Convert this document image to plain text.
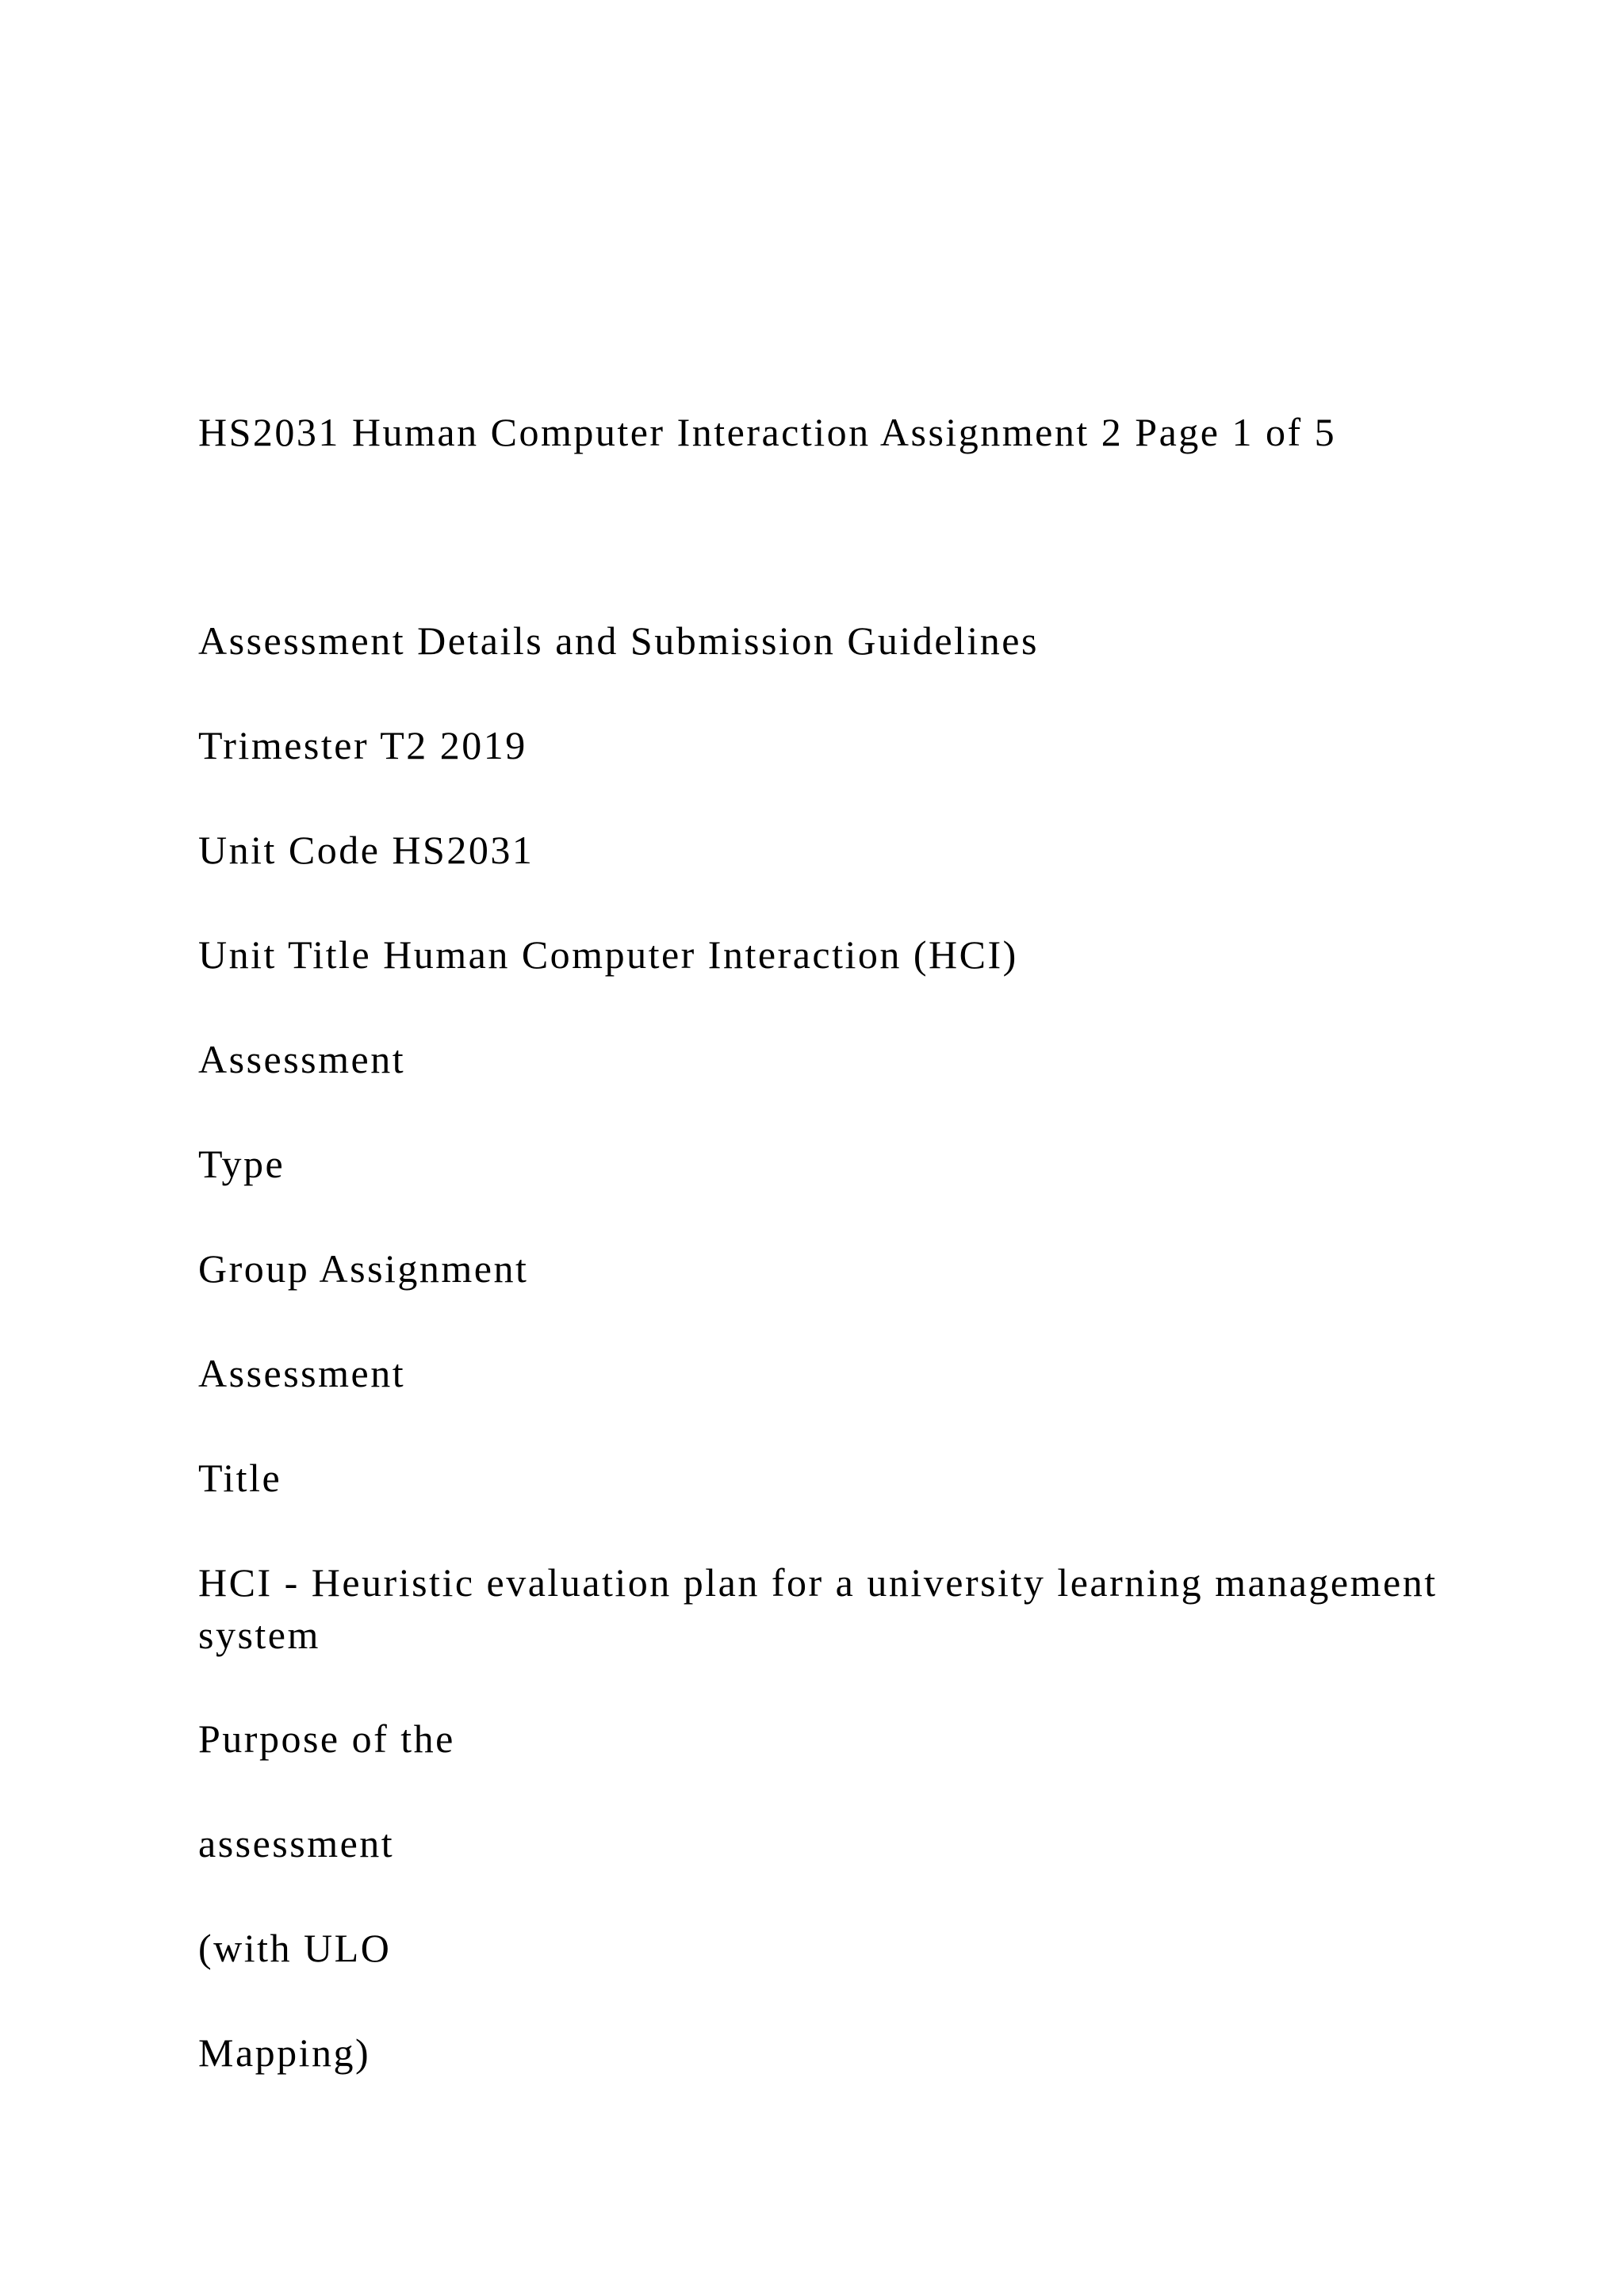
HS2031 Human Computer Interaction Assignment 2 Page 1 of 5

Assessment Details and Submission Guidelines

Trimester T2 2019

Unit Code HS2031

Unit Title Human Computer Interaction (HCI)

Assessment

Type

Group Assignment

Assessment

Title

HCI - Heuristic evaluation plan for a university learning management system

Purpose of the

assessment

(with ULO

Mapping)
